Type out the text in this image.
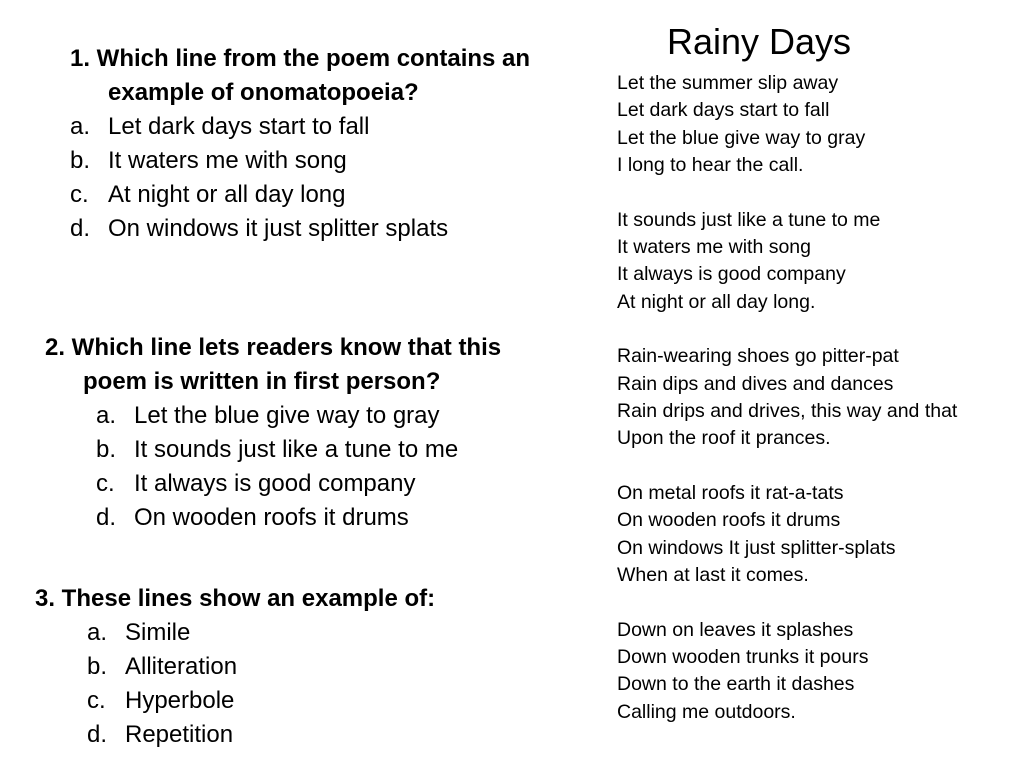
1. Which line from the poem contains an example of onomatopoeia?
a. Let dark days start to fall
b. It waters me with song
c. At night or all day long
d. On windows it just splitter splats
2. Which line lets readers know that this poem is written in first person?
a. Let the blue give way to gray
b. It sounds just like a tune to me
c. It always is good company
d. On wooden roofs it drums
3. These lines show an example of:
a. Simile
b. Alliteration
c. Hyperbole
d. Repetition
Rainy Days
Let the summer slip away
Let dark days start to fall
Let the blue give way to gray
I long to hear the call.
It sounds just like a tune to me
It waters me with song
It always is good company
At night or all day long.
Rain-wearing shoes go pitter-pat
Rain dips and dives and dances
Rain drips and drives, this way and that
Upon the roof it prances.
On metal roofs it rat-a-tats
On wooden roofs it drums
On windows It just splitter-splats
When at last it comes.
Down on leaves it splashes
Down wooden trunks it pours
Down to the earth it dashes
Calling me outdoors.
